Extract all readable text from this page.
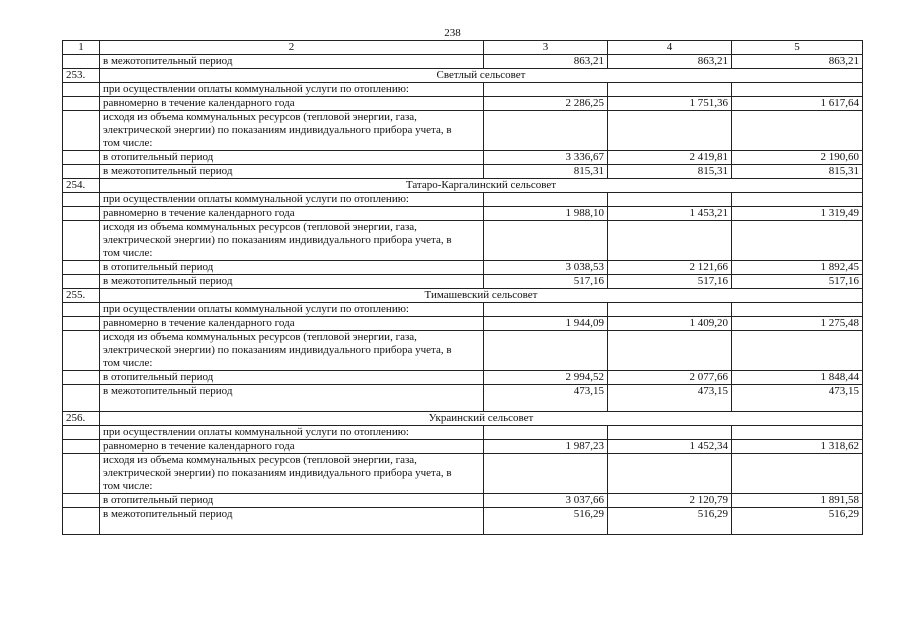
238
1	2	3	4	5
	в межотопительный период	863,21	863,21	863,21
253.	Светлый сельсовет			
	при осуществлении оплаты коммунальной услуги по отоплению:			
	равномерно в течение календарного года	2 286,25	1 751,36	1 617,64
	исходя из объема коммунальных ресурсов (тепловой энергии, газа, электрической энергии) по показаниям индивидуального прибора учета, в том числе:			
	в отопительный период	3 336,67	2 419,81	2 190,60
	в межотопительный период	815,31	815,31	815,31
254.	Татаро-Каргалинский сельсовет			
	при осуществлении оплаты коммунальной услуги по отоплению:			
	равномерно в течение календарного года	1 988,10	1 453,21	1 319,49
	исходя из объема коммунальных ресурсов (тепловой энергии, газа, электрической энергии) по показаниям индивидуального прибора учета, в том числе:			
	в отопительный период	3 038,53	2 121,66	1 892,45
	в межотопительный период	517,16	517,16	517,16
255.	Тимашевский сельсовет			
	при осуществлении оплаты коммунальной услуги по отоплению:			
	равномерно в течение календарного года	1 944,09	1 409,20	1 275,48
	исходя из объема коммунальных ресурсов (тепловой энергии, газа, электрической энергии) по показаниям индивидуального прибора учета, в том числе:			
	в отопительный период	2 994,52	2 077,66	1 848,44
	в межотопительный период	473,15	473,15	473,15
256.	Украинский сельсовет			
	при осуществлении оплаты коммунальной услуги по отоплению:			
	равномерно в течение календарного года	1 987,23	1 452,34	1 318,62
	исходя из объема коммунальных ресурсов (тепловой энергии, газа, электрической энергии) по показаниям индивидуального прибора учета, в том числе:			
	в отопительный период	3 037,66	2 120,79	1 891,58
	в межотопительный период	516,29	516,29	516,29
